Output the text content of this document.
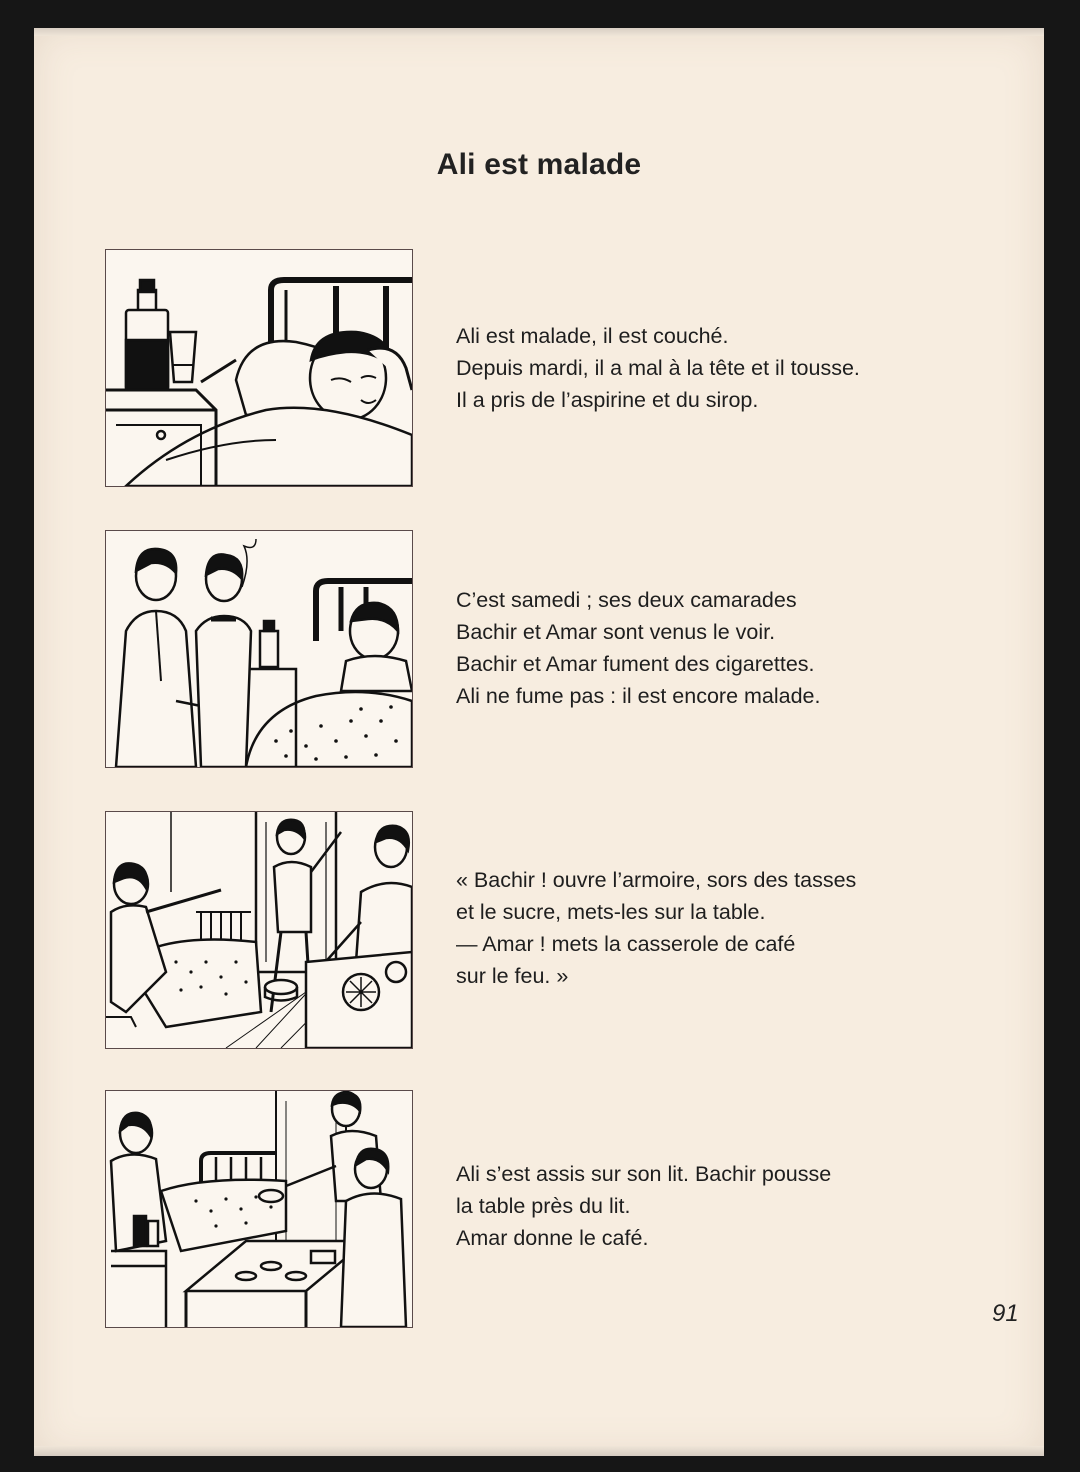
Ali est malade
Ali est malade, il est couché.
Depuis mardi, il a mal à la tête et il tousse.
Il a pris de l’aspirine et du sirop.
C’est samedi ; ses deux camarades
Bachir et Amar sont venus le voir.
Bachir et Amar fument des cigarettes.
Ali ne fume pas : il est encore malade.
« Bachir ! ouvre l’armoire, sors des tasses
et le sucre, mets-les sur la table.
— Amar ! mets la casserole de café
sur le feu. »
Ali s’est assis sur son lit. Bachir pousse
la table près du lit.
Amar donne le café.
91
